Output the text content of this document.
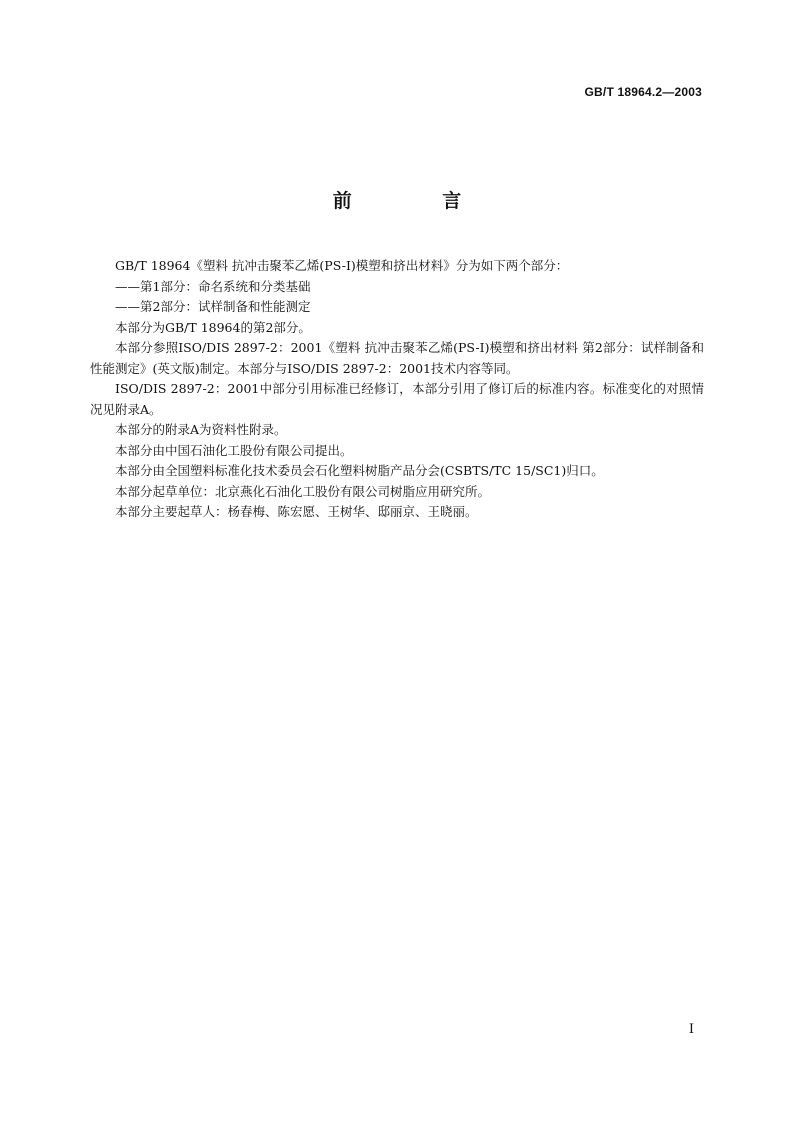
GB/T 18964.2—2003
前 言

GB/T 18964《塑料 抗冲击聚苯乙烯(PS-I)模塑和挤出材料》分为如下两个部分：

——第1部分：命名系统和分类基础

——第2部分：试样制备和性能测定

本部分为GB/T 18964的第2部分。

本部分参照ISO/DIS 2897-2：2001《塑料 抗冲击聚苯乙烯(PS-I)模塑和挤出材料 第2部分：试样制备和性能测定》(英文版)制定。本部分与ISO/DIS 2897-2：2001技术内容等同。

ISO/DIS 2897-2：2001中部分引用标准已经修订，本部分引用了修订后的标准内容。标准变化的对照情况见附录A。

本部分的附录A为资料性附录。

本部分由中国石油化工股份有限公司提出。

本部分由全国塑料标准化技术委员会石化塑料树脂产品分会(CSBTS/TC 15/SC1)归口。

本部分起草单位：北京燕化石油化工股份有限公司树脂应用研究所。

本部分主要起草人：杨春梅、陈宏愿、王树华、邸丽京、王晓丽。

I
